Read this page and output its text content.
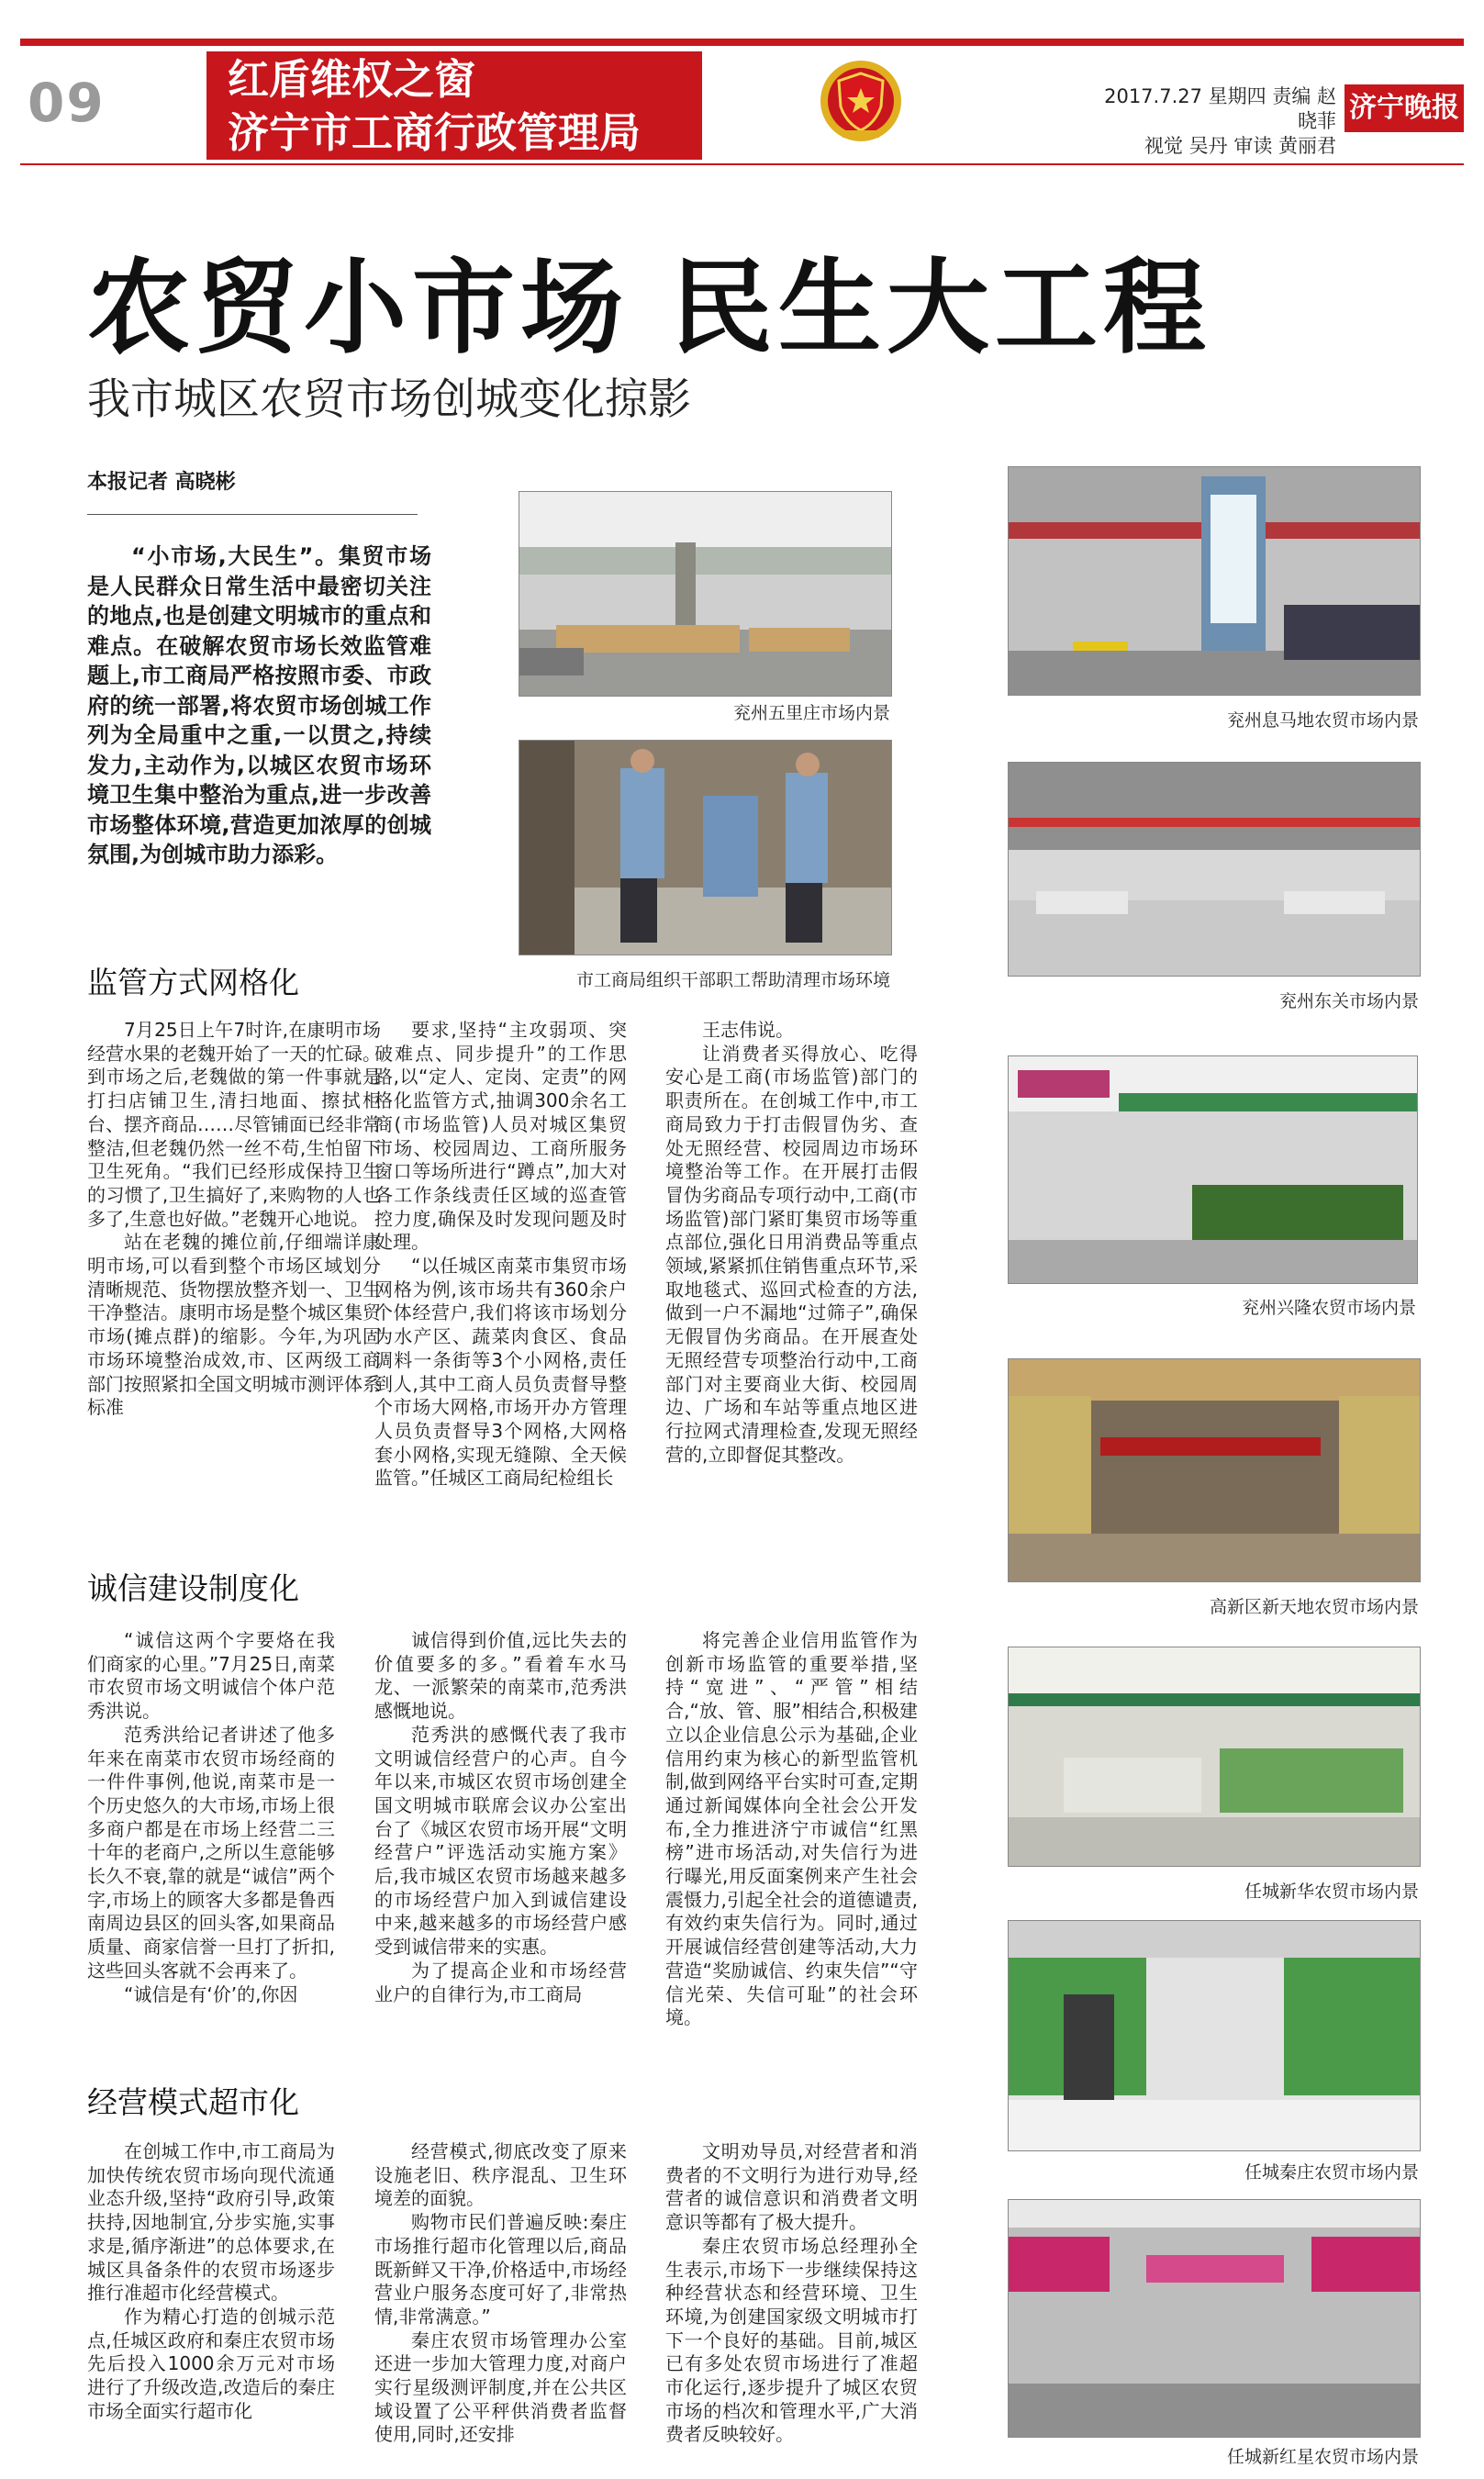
09	红盾维权之窗
济宁市工商行政管理局
2017.7.27 星期四 责编 赵晓菲
视觉 吴丹 审读 黄丽君
济宁晚报
农贸小市场 民生大工程
我市城区农贸市场创城变化掠影
本报记者 高晓彬

“小市场,大民生”。集贸市场是人民群众日常生活中最密切关注的地点,也是创建文明城市的重点和难点。在破解农贸市场长效监管难题上,市工商局严格按照市委、市政府的统一部署,将农贸市场创城工作列为全局重中之重,一以贯之,持续发力,主动作为,以城区农贸市场环境卫生集中整治为重点,进一步改善市场整体环境,营造更加浓厚的创城氛围,为创城市助力添彩。

兖州五里庄市场内景
市工商局组织干部职工帮助清理市场环境
兖州息马地农贸市场内景
兖州东关市场内景
兖州兴隆农贸市场内景
高新区新天地农贸市场内景
任城新华农贸市场内景
任城秦庄农贸市场内景
任城新红星农贸市场内景
监管方式网格化

7月25日上午7时许,在康明市场经营水果的老魏开始了一天的忙碌。到市场之后,老魏做的第一件事就是打扫店铺卫生,清扫地面、擦拭柜台、摆齐商品……尽管铺面已经非常整洁,但老魏仍然一丝不苟,生怕留下卫生死角。“我们已经形成保持卫生的习惯了,卫生搞好了,来购物的人也多了,生意也好做。”老魏开心地说。

站在老魏的摊位前,仔细端详康明市场,可以看到整个市场区域划分清晰规范、货物摆放整齐划一、卫生干净整洁。康明市场是整个城区集贸市场(摊点群)的缩影。今年,为巩固市场环境整治成效,市、区两级工商部门按照紧扣全国文明城市测评体系标准

要求,坚持“主攻弱项、突破难点、同步提升”的工作思路,以“定人、定岗、定责”的网格化监管方式,抽调300余名工商(市场监管)人员对城区集贸市场、校园周边、工商所服务窗口等场所进行“蹲点”,加大对各工作条线责任区域的巡查管控力度,确保及时发现问题及时处理。

“以任城区南菜市集贸市场网格为例,该市场共有360余户个体经营户,我们将该市场划分为水产区、蔬菜肉食区、食品调料一条街等3个小网格,责任到人,其中工商人员负责督导整个市场大网格,市场开办方管理人员负责督导3个网格,大网格套小网格,实现无缝隙、全天候监管。”任城区工商局纪检组长

王志伟说。

让消费者买得放心、吃得安心是工商(市场监管)部门的职责所在。在创城工作中,市工商局致力于打击假冒伪劣、查处无照经营、校园周边市场环境整治等工作。在开展打击假冒伪劣商品专项行动中,工商(市场监管)部门紧盯集贸市场等重点部位,强化日用消费品等重点领域,紧紧抓住销售重点环节,采取地毯式、巡回式检查的方法,做到一户不漏地“过筛子”,确保无假冒伪劣商品。在开展查处无照经营专项整治行动中,工商部门对主要商业大街、校园周边、广场和车站等重点地区进行拉网式清理检查,发现无照经营的,立即督促其整改。

诚信建设制度化

“诚信这两个字要烙在我们商家的心里。”7月25日,南菜市农贸市场文明诚信个体户范秀洪说。

范秀洪给记者讲述了他多年来在南菜市农贸市场经商的一件件事例,他说,南菜市是一个历史悠久的大市场,市场上很多商户都是在市场上经营二三十年的老商户,之所以生意能够长久不衰,靠的就是“诚信”两个字,市场上的顾客大多都是鲁西南周边县区的回头客,如果商品质量、商家信誉一旦打了折扣,这些回头客就不会再来了。

“诚信是有‘价’的,你因

诚信得到价值,远比失去的价值要多的多。”看着车水马龙、一派繁荣的南菜市,范秀洪感慨地说。

范秀洪的感慨代表了我市文明诚信经营户的心声。自今年以来,市城区农贸市场创建全国文明城市联席会议办公室出台了《城区农贸市场开展“文明经营户”评选活动实施方案》后,我市城区农贸市场越来越多的市场经营户加入到诚信建设中来,越来越多的市场经营户感受到诚信带来的实惠。

为了提高企业和市场经营业户的自律行为,市工商局

将完善企业信用监管作为创新市场监管的重要举措,坚持“宽进”、“严管”相结合,“放、管、服”相结合,积极建立以企业信息公示为基础,企业信用约束为核心的新型监管机制,做到网络平台实时可查,定期通过新闻媒体向全社会公开发布,全力推进济宁市诚信“红黑榜”进市场活动,对失信行为进行曝光,用反面案例来产生社会震慑力,引起全社会的道德谴责,有效约束失信行为。同时,通过开展诚信经营创建等活动,大力营造“奖励诚信、约束失信”“守信光荣、失信可耻”的社会环境。

经营模式超市化

在创城工作中,市工商局为加快传统农贸市场向现代流通业态升级,坚持“政府引导,政策扶持,因地制宜,分步实施,实事求是,循序渐进”的总体要求,在城区具备条件的农贸市场逐步推行准超市化经营模式。

作为精心打造的创城示范点,任城区政府和秦庄农贸市场先后投入1000余万元对市场进行了升级改造,改造后的秦庄市场全面实行超市化

经营模式,彻底改变了原来设施老旧、秩序混乱、卫生环境差的面貌。

购物市民们普遍反映:秦庄市场推行超市化管理以后,商品既新鲜又干净,价格适中,市场经营业户服务态度可好了,非常热情,非常满意。”

秦庄农贸市场管理办公室还进一步加大管理力度,对商户实行星级测评制度,并在公共区域设置了公平秤供消费者监督使用,同时,还安排

文明劝导员,对经营者和消费者的不文明行为进行劝导,经营者的诚信意识和消费者文明意识等都有了极大提升。

秦庄农贸市场总经理孙全生表示,市场下一步继续保持这种经营状态和经营环境、卫生环境,为创建国家级文明城市打下一个良好的基础。目前,城区已有多处农贸市场进行了准超市化运行,逐步提升了城区农贸市场的档次和管理水平,广大消费者反映较好。
